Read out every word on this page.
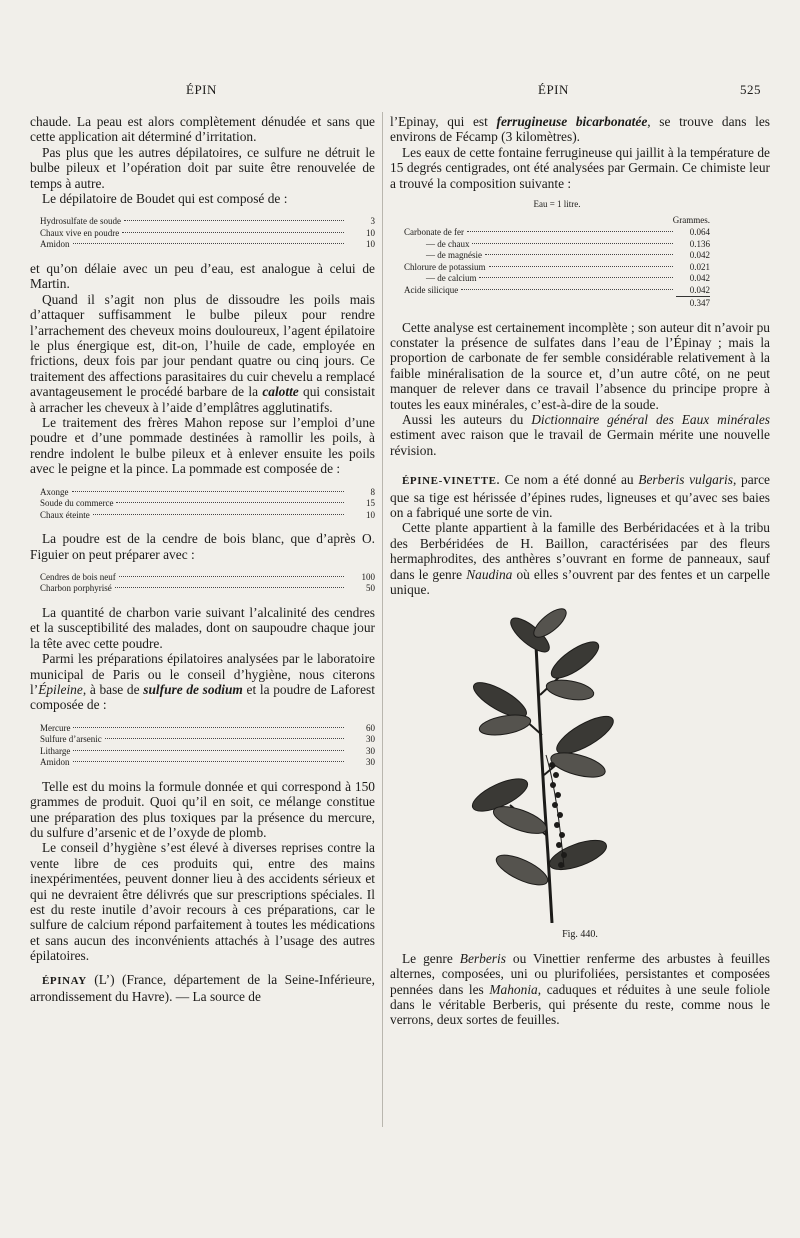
ÉPIN	ÉPIN	525

chaude. La peau est alors complètement dénudée et sans que cette application ait déterminé d’irritation.

Pas plus que les autres dépilatoires, ce sulfure ne détruit le bulbe pileux et l’opération doit par suite être renouvelée de temps à autre.

Le dépilatoire de Boudet qui est composé de :

Hydrosulfate de soude	3
Chaux vive en poudre	10
Amidon	10

et qu’on délaie avec un peu d’eau, est analogue à celui de Martin.

Quand il s’agit non plus de dissoudre les poils mais d’attaquer suffisamment le bulbe pileux pour rendre l’arrachement des cheveux moins douloureux, l’agent épilatoire le plus énergique est, dit-on, l’huile de cade, employée en frictions, deux fois par jour pendant quatre ou cinq jours. Ce traitement des affections parasitaires du cuir chevelu a remplacé avantageusement le procédé barbare de la calotte qui consistait à arracher les cheveux à l’aide d’emplâtres agglutinatifs.

Le traitement des frères Mahon repose sur l’emploi d’une poudre et d’une pommade destinées à ramollir les poils, à rendre indolent le bulbe pileux et à enlever ensuite les poils avec le peigne et la pince. La pommade est composée de :

Axonge	8
Soude du commerce	15
Chaux éteinte	10

La poudre est de la cendre de bois blanc, que d’après O. Figuier on peut préparer avec :

Cendres de bois neuf	100
Charbon porphyrisé	50

La quantité de charbon varie suivant l’alcalinité des cendres et la susceptibilité des malades, dont on saupoudre chaque jour la tête avec cette poudre.

Parmi les préparations épilatoires analysées par le laboratoire municipal de Paris ou le conseil d’hygiène, nous citerons l’Épileine, à base de sulfure de sodium et la poudre de Laforest composée de :

Mercure	60
Sulfure d’arsenic	30
Litharge	30
Amidon	30

Telle est du moins la formule donnée et qui correspond à 150 grammes de produit. Quoi qu’il en soit, ce mélange constitue une préparation des plus toxiques par la présence du mercure, du sulfure d’arsenic et de l’oxyde de plomb.

Le conseil d’hygiène s’est élevé à diverses reprises contre la vente libre de ces produits qui, entre des mains inexpérimentées, peuvent donner lieu à des accidents sérieux et qui ne devraient être délivrés que sur prescriptions spéciales. Il est du reste inutile d’avoir recours à ces préparations, car le sulfure de calcium répond parfaitement à toutes les médications et sans aucun des inconvénients attachés à l’usage des autres épilatoires.

ÉPINAY (L’) (France, département de la Seine-Inférieure, arrondissement du Havre). — La source de

l’Epinay, qui est ferrugineuse bicarbonatée, se trouve dans les environs de Fécamp (3 kilomètres).

Les eaux de cette fontaine ferrugineuse qui jaillit à la température de 15 degrés centigrades, ont été analysées par Germain. Ce chimiste leur a trouvé la composition suivante :

Eau = 1 litre.
Grammes.
Carbonate de fer	0.064
— de chaux	0.136
— de magnésie	0.042
Chlorure de potassium	0.021
— de calcium	0.042
Acide silicique	0.042
0.347

Cette analyse est certainement incomplète ; son auteur dit n’avoir pu constater la présence de sulfates dans l’eau de l’Épinay ; mais la proportion de carbonate de fer semble considérable relativement à la faible minéralisation de la source et, d’un autre côté, on ne peut manquer de relever dans ce travail l’absence du principe propre à toutes les eaux minérales, c’est-à-dire de la soude.

Aussi les auteurs du Dictionnaire général des Eaux minérales estiment avec raison que le travail de Germain mérite une nouvelle révision.

ÉPINE-VINETTE. Ce nom a été donné au Berberis vulgaris, parce que sa tige est hérissée d’épines rudes, ligneuses et qu’avec ses baies on a fabriqué une sorte de vin.

Cette plante appartient à la famille des Berbéridacées et à la tribu des Berbéridées de H. Baillon, caractérisées par des fleurs hermaphrodites, des anthères s’ouvrant en forme de panneaux, sauf dans le genre Naudina où elles s’ouvrent par des fentes et un carpelle unique.

Fig. 440.

Le genre Berberis ou Vinettier renferme des arbustes à feuilles alternes, composées, uni ou plurifoliées, persistantes et composées pennées dans les Mahonia, caduques et réduites à une seule foliole dans le véritable Berberis, qui présente du reste, comme nous le verrons, deux sortes de feuilles.
